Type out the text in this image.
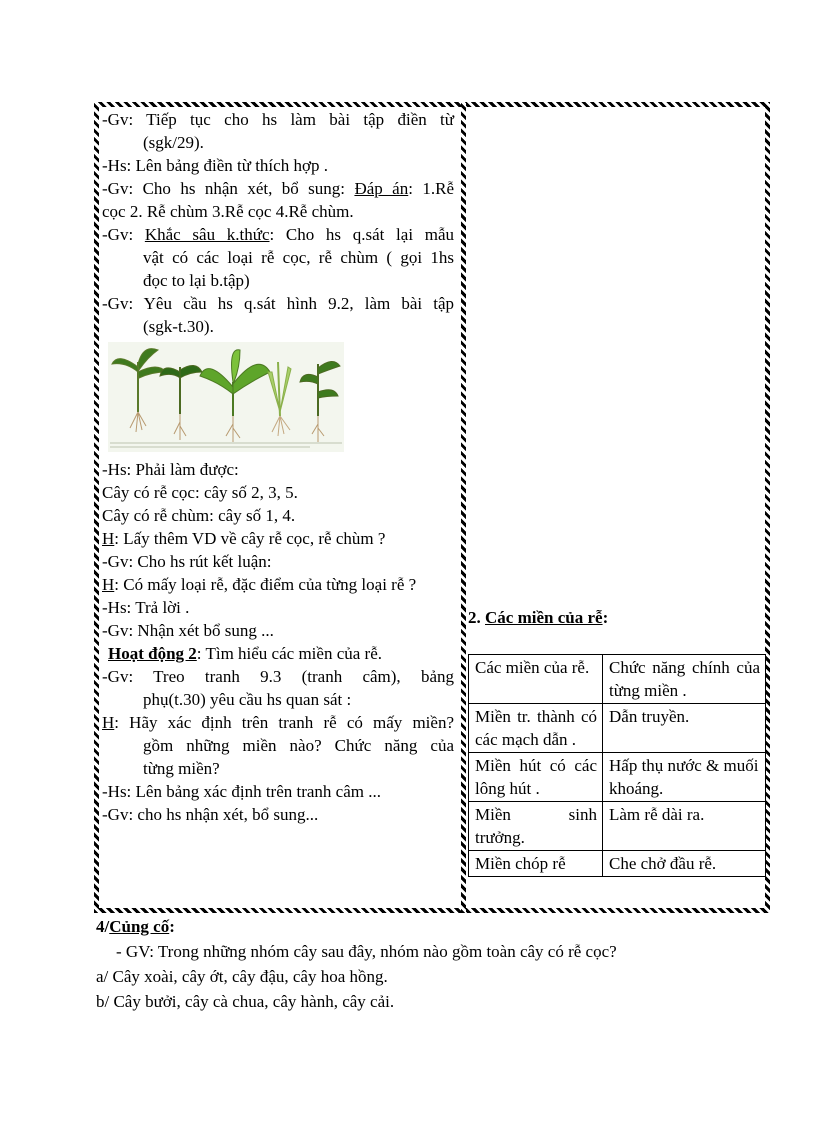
-Gv: Tiếp tục cho hs làm bài tập điền từ
(sgk/29).
-Hs: Lên bảng điền từ thích hợp .
-Gv: Cho hs nhận xét, bổ sung: Đáp án: 1.Rễ
cọc 2. Rễ chùm 3.Rễ cọc 4.Rễ chùm.
-Gv: Khắc sâu k.thức: Cho hs q.sát lại mẫu
vật có các loại rễ cọc, rễ chùm ( gọi 1hs
đọc to lại b.tập)
-Gv: Yêu cầu hs q.sát hình 9.2, làm bài tập
(sgk-t.30).
-Hs: Phải làm được:
Cây có rễ cọc: cây số 2, 3, 5.
Cây có rễ chùm: cây số 1, 4.
H: Lấy thêm VD về cây rễ cọc, rễ chùm ?
-Gv: Cho hs rút kết luận:
H: Có mấy loại rễ, đặc điểm của từng loại rễ ?
-Hs: Trả lời .
-Gv: Nhận xét bổ sung ...
Hoạt động 2: Tìm hiểu các miền của rễ.
-Gv: Treo tranh 9.3 (tranh câm), bảng
phụ(t.30) yêu cầu hs quan sát :
H: Hãy xác định trên tranh rễ có mấy miền?
gồm những miền nào? Chức năng của
từng miền?
-Hs: Lên bảng xác định trên tranh câm ...
-Gv: cho hs nhận xét, bổ sung...
2. Các miền của rễ:
Các miền của rễ.	Chức năng chính của từng miền .
Miền tr. thành có các mạch dẫn .	Dẫn truyền.
Miền hút có các lông hút .	Hấp thụ nước & muối khoáng.
Miền sinh trưởng.	Làm rễ dài ra.
Miền chóp rễ	Che chở đầu rễ.
4/Củng cố:
- GV: Trong những nhóm cây sau đây, nhóm nào gồm toàn cây có rễ cọc?
a/ Cây xoài, cây ớt, cây đậu, cây hoa hồng.
b/ Cây bưởi, cây cà chua, cây hành, cây cải.
